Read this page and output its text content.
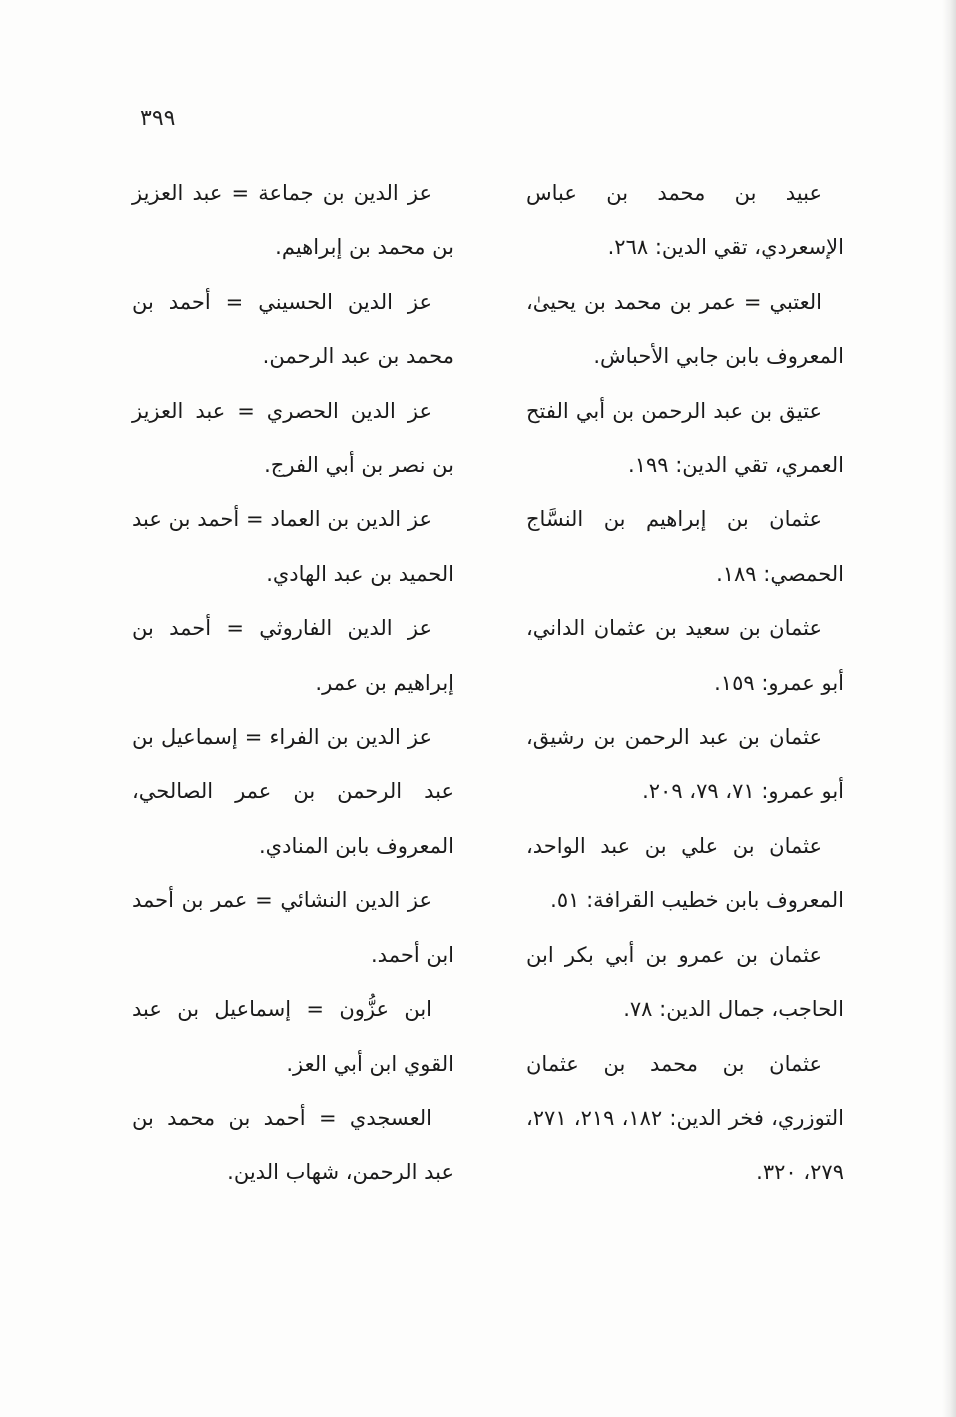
٣٩٩

عبيد بن محمد بن عباس الإسعردي، تقي الدين: ٢٦٨.

العتبي = عمر بن محمد بن يحيىٰ، المعروف بابن جابي الأحباش.

عتيق بن عبد الرحمن بن أبي الفتح العمري، تقي الدين: ١٩٩.

عثمان بن إبراهيم بن النسَّاج الحمصي: ١٨٩.

عثمان بن سعيد بن عثمان الداني، أبو عمرو: ١٥٩.

عثمان بن عبد الرحمن بن رشيق، أبو عمرو: ٧١، ٧٩، ٢٠٩.

عثمان بن علي بن عبد الواحد، المعروف بابن خطيب القرافة: ٥١.

عثمان بن عمرو بن أبي بكر ابن الحاجب، جمال الدين: ٧٨.

عثمان بن محمد بن عثمان التوزري، فخر الدين: ١٨٢، ٢١٩، ٢٧١، ٢٧٩، ٣٢٠.

عز الدين بن جماعة = عبد العزيز بن محمد بن إبراهيم.

عز الدين الحسيني = أحمد بن محمد بن عبد الرحمن.

عز الدين الحصري = عبد العزيز بن نصر بن أبي الفرج.

عز الدين بن العماد = أحمد بن عبد الحميد بن عبد الهادي.

عز الدين الفاروثي = أحمد بن إبراهيم بن عمر.

عز الدين بن الفراء = إسماعيل بن عبد الرحمن بن عمر الصالحي، المعروف بابن المنادي.

عز الدين النشائي = عمر بن أحمد ابن أحمد.

ابن عزُّون = إسماعيل بن عبد القوي ابن أبي العز.

العسجدي = أحمد بن محمد بن عبد الرحمن، شهاب الدين.
